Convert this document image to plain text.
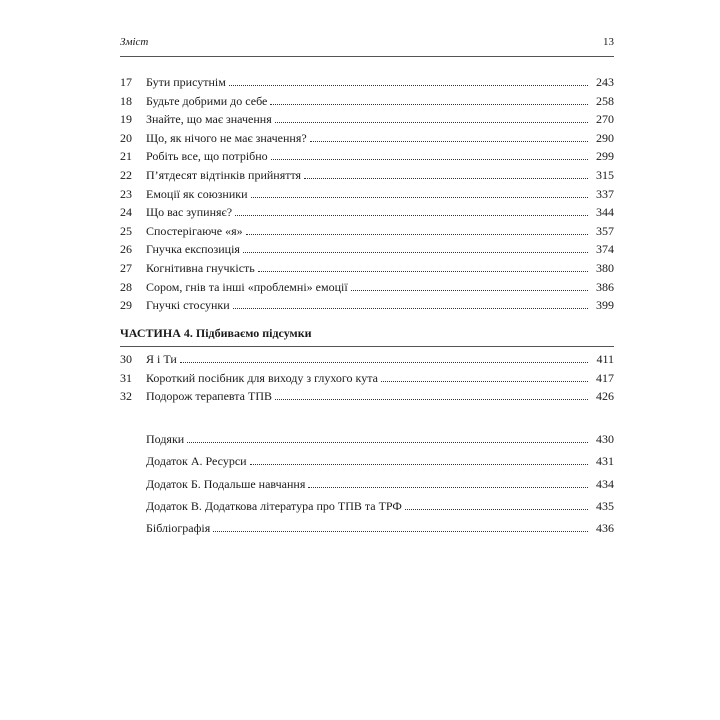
Зміст	13
17	Бути присутнім	243
18	Будьте добрими до себе	258
19	Знайте, що має значення	270
20	Що, як нічого не має значення?	290
21	Робіть все, що потрібно	299
22	П’ятдесят відтінків прийняття	315
23	Емоції як союзники	337
24	Що вас зупиняє?	344
25	Спостерігаюче «я»	357
26	Гнучка експозиція	374
27	Когнітивна гнучкість	380
28	Сором, гнів та інші «проблемні» емоції	386
29	Гнучкі стосунки	399
ЧАСТИНА 4. Підбиваємо підсумки
30	Я і Ти	411
31	Короткий посібник для виходу з глухого кута	417
32	Подорож терапевта ТПВ	426
Подяки	430
Додаток А. Ресурси	431
Додаток Б. Подальше навчання	434
Додаток В. Додаткова література про ТПВ та ТРФ	435
Бібліографія	436
